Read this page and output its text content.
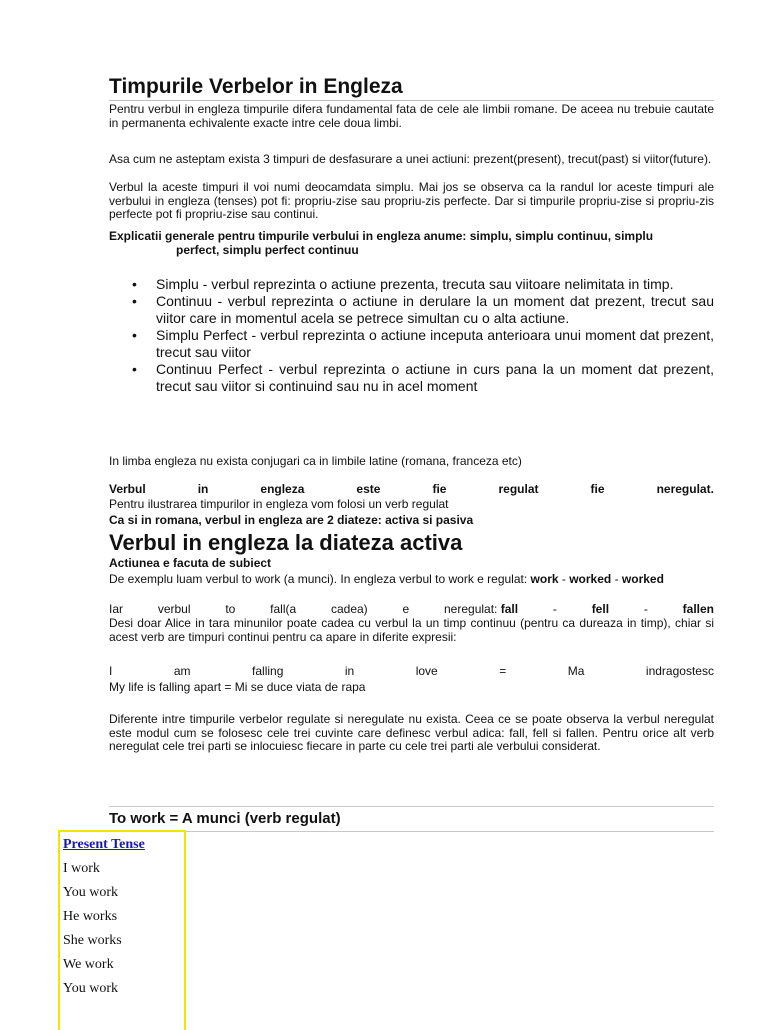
Timpurile Verbelor in Engleza

Pentru verbul in engleza timpurile difera fundamental fata de cele ale limbii romane. De aceea nu trebuie cautate in permanenta echivalente exacte intre cele doua limbi.

Asa cum ne asteptam exista 3 timpuri de desfasurare a unei actiuni: prezent(present), trecut(past) si viitor(future).

Verbul la aceste timpuri il voi numi deocamdata simplu. Mai jos se observa ca la randul lor aceste timpuri ale verbului in engleza (tenses) pot fi: propriu-zise sau propriu-zis perfecte. Dar si timpurile propriu-zise si propriu-zis perfecte pot fi propriu-zise sau continui.

Explicatii generale pentru timpurile verbului in engleza anume: simplu, simplu continuu, simplu

perfect, simplu perfect continuu

• Simplu - verbul reprezinta o actiune prezenta, trecuta sau viitoare nelimitata in timp.
• Continuu - verbul reprezinta o actiune in derulare la un moment dat prezent, trecut sau viitor care in momentul acela se petrece simultan cu o alta actiune.
• Simplu Perfect - verbul reprezinta o actiune inceputa anterioara unui moment dat prezent, trecut sau viitor
• Continuu Perfect - verbul reprezinta o actiune in curs pana la un moment dat prezent, trecut sau viitor si continuind sau nu in acel moment

In limba engleza nu exista conjugari ca in limbile latine (romana, franceza etc)

Verbul	in	engleza	este	fie	regulat	fie	neregulat.

Pentru ilustrarea timpurilor in engleza vom folosi un verb regulat

Ca si in romana, verbul in engleza are 2 diateze: activa si pasiva

Verbul in engleza la diateza activa

Actiunea e facuta de subiect

De exemplu luam verbul to work (a munci). In engleza verbul to work e regulat: work - worked - worked

Iar	verbul	to	fall(a	cadea)	e	neregulat: fall	-	fell	-	fallen

Desi doar Alice in tara minunilor poate cadea cu verbul la un timp continuu (pentru ca dureaza in timp), chiar si acest verb are timpuri continui pentru ca apare in diferite expresii:

I	am	falling	in	love	=	Ma	indragostesc

My life is falling apart = Mi se duce viata de rapa

Diferente intre timpurile verbelor regulate si neregulate nu exista. Ceea ce se poate observa la verbul neregulat este modul cum se folosesc cele trei cuvinte care definesc verbul adica: fall, fell si fallen. Pentru orice alt verb neregulat cele trei parti se inlocuiesc fiecare in parte cu cele trei parti ale verbului considerat.

To work = A munci (verb regulat)
Present Tense
I work
You work
He works
She works
We work
You work
